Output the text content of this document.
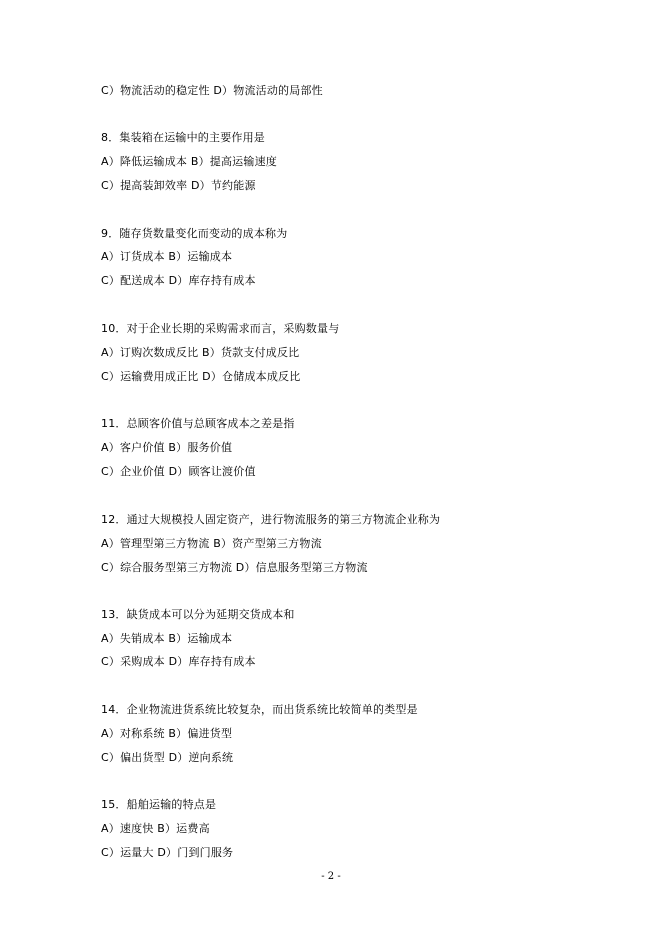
C）物流活动的稳定性 D）物流活动的局部性
8．集装箱在运输中的主要作用是
A）降低运输成本 B）提高运输速度
C）提高装卸效率 D）节约能源
9．随存货数量变化而变动的成本称为
A）订货成本 B）运输成本
C）配送成本 D）库存持有成本
10．对于企业长期的采购需求而言，采购数量与
A）订购次数成反比 B）货款支付成反比
C）运输费用成正比 D）仓储成本成反比
11．总顾客价值与总顾客成本之差是指
A）客户价值 B）服务价值
C）企业价值 D）顾客让渡价值
12．通过大规模投人固定资产，进行物流服务的第三方物流企业称为
A）管理型第三方物流 B）资产型第三方物流
C）综合服务型第三方物流 D）信息服务型第三方物流
13．缺货成本可以分为延期交货成本和
A）失销成本 B）运输成本
C）采购成本 D）库存持有成本
14．企业物流进货系统比较复杂，而出货系统比较简单的类型是
A）对称系统 B）偏进货型
C）偏出货型 D）逆向系统
15．船舶运输的特点是
A）速度快 B）运费高
C）运量大 D）门到门服务
- 2 -
